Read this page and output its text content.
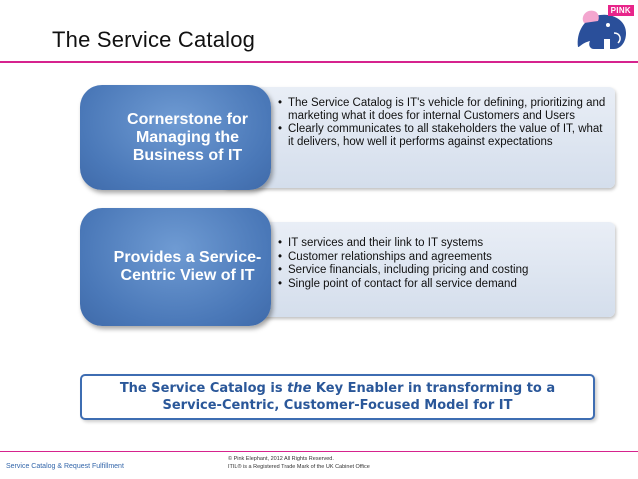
The Service Catalog
PINK
Cornerstone for Managing the Business of IT
• The Service Catalog is IT's vehicle for defining, prioritizing and marketing what it does for internal Customers and Users
• Clearly communicates to all stakeholders the value of IT, what it delivers, how well it performs against expectations
Provides a Service-Centric View of IT
• IT services and their link to IT systems
• Customer relationships and agreements
• Service financials, including pricing and costing
• Single point of contact for all service demand
The Service Catalog is the Key Enabler in transforming to a
Service-Centric, Customer-Focused Model for IT
Service Catalog & Request Fulfillment
© Pink Elephant, 2012 All Rights Reserved.
ITIL® is a Registered Trade Mark of the UK Cabinet Office
